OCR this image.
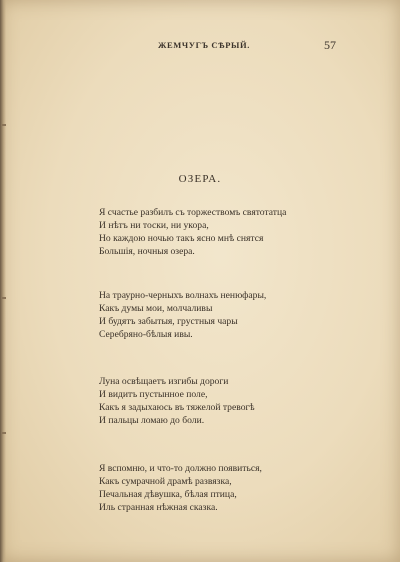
ЖЕМЧУГЪ СѢРЫЙ.	57
ОЗЕРА.
Я счастье разбилъ съ торжествомъ святотатца
И нѣтъ ни тоски, ни укора,
Но каждою ночью такъ ясно мнѣ снятся
Большія, ночныя озера.
На траурно-черныхъ волнахъ ненюфары,
Какъ думы мои, молчаливы
И будятъ забытыя, грустныя чары
Серебряно-бѣлыя ивы.
Луна освѣщаетъ изгибы дороги
И видитъ пустынное поле,
Какъ я задыхаюсь въ тяжелой тревогѣ
И пальцы ломаю до боли.
Я вспомню, и что-то должно появиться,
Какъ сумрачной драмѣ развязка,
Печальная дѣвушка, бѣлая птица,
Иль странная нѣжная сказка.
